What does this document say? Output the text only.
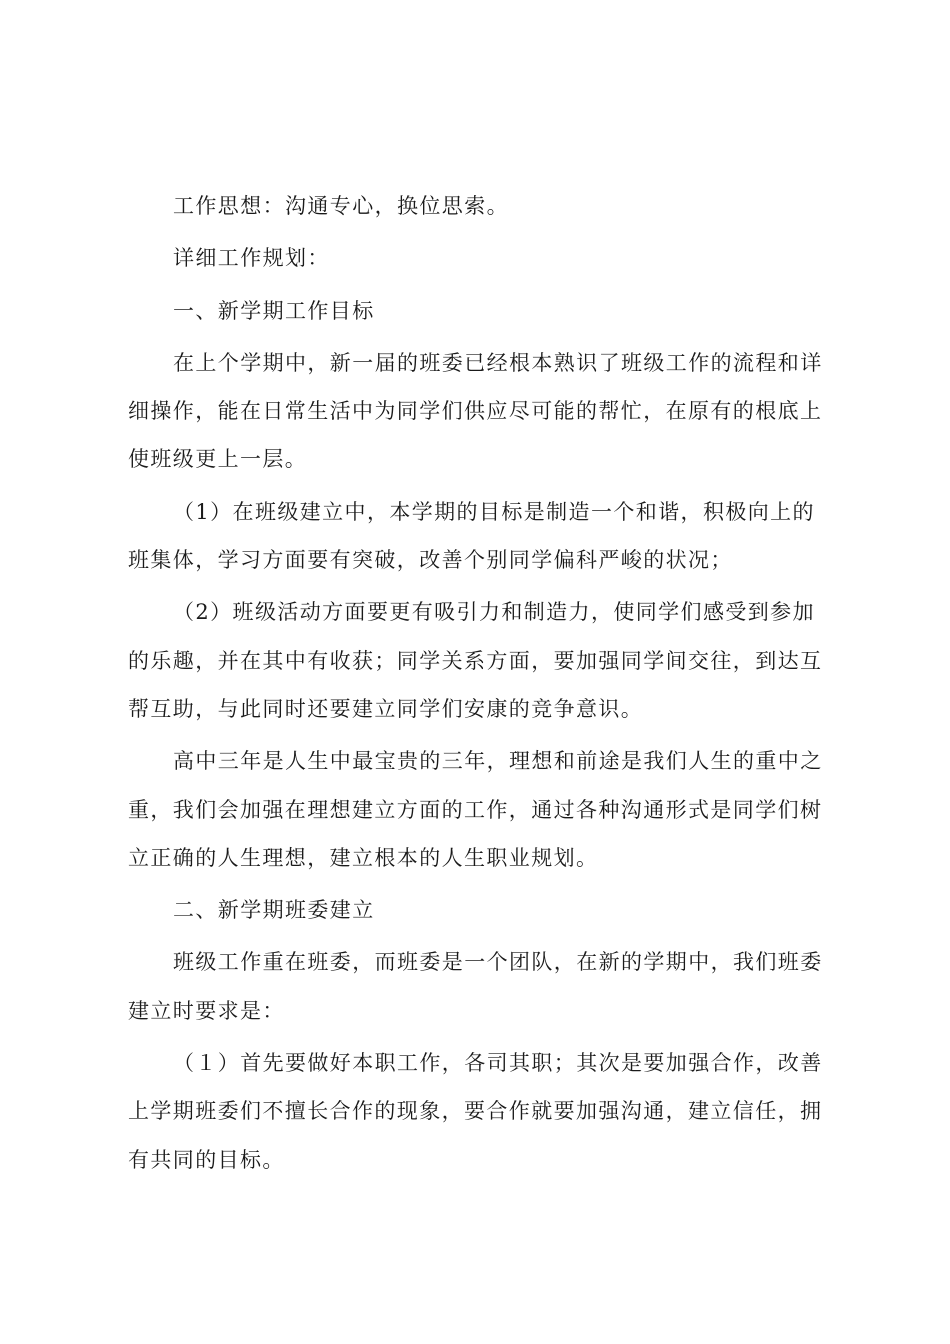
工作思想：沟通专心，换位思索。

详细工作规划：

一、新学期工作目标

在上个学期中，新一届的班委已经根本熟识了班级工作的流程和详细操作，能在日常生活中为同学们供应尽可能的帮忙，在原有的根底上使班级更上一层。

（1）在班级建立中，本学期的目标是制造一个和谐，积极向上的班集体，学习方面要有突破，改善个别同学偏科严峻的状况；

（2）班级活动方面要更有吸引力和制造力，使同学们感受到参加的乐趣，并在其中有收获；同学关系方面，要加强同学间交往，到达互帮互助，与此同时还要建立同学们安康的竞争意识。

高中三年是人生中最宝贵的三年，理想和前途是我们人生的重中之重，我们会加强在理想建立方面的工作，通过各种沟通形式是同学们树立正确的人生理想，建立根本的人生职业规划。

二、新学期班委建立

班级工作重在班委，而班委是一个团队，在新的学期中，我们班委建立时要求是：

（１）首先要做好本职工作，各司其职；其次是要加强合作，改善上学期班委们不擅长合作的现象，要合作就要加强沟通，建立信任，拥有共同的目标。
